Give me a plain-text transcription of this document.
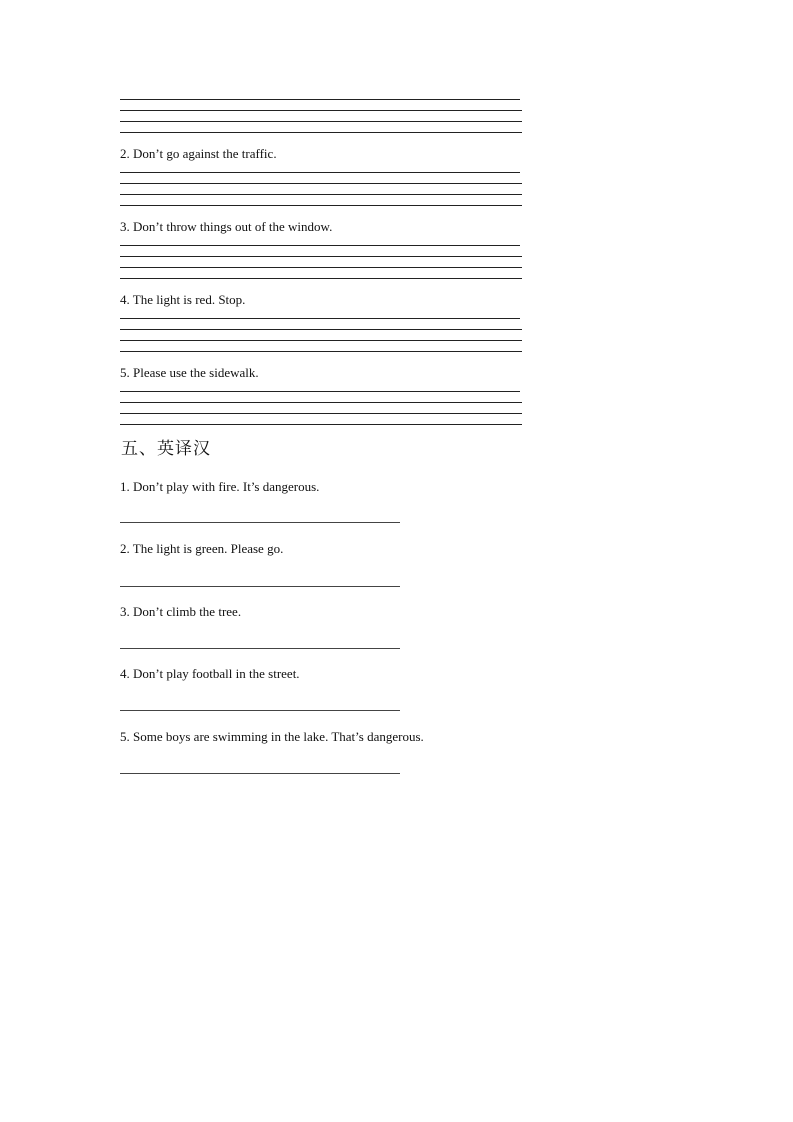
2. Don’t go against the traffic.
3. Don’t throw things out of the window.
4. The light is red. Stop.
5. Please use the sidewalk.
五、英译汉
1. Don’t play with fire. It’s dangerous.
2. The light is green. Please go.
3. Don’t climb the tree.
4. Don’t play football in the street.
5. Some boys are swimming in the lake. That’s dangerous.
